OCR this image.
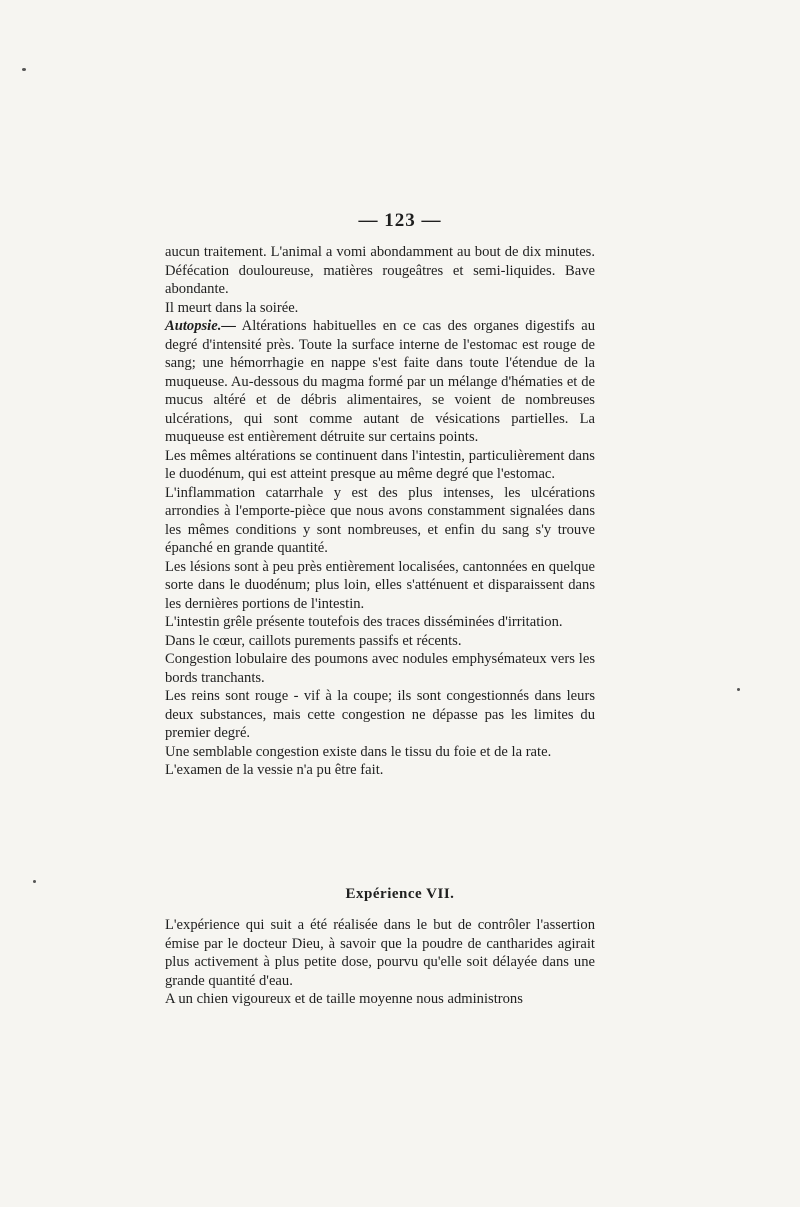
— 123 —

aucun traitement. L'animal a vomi abondamment au bout de dix minutes. Défécation douloureuse, matières rougeâtres et semi-liquides. Bave abondante.

Il meurt dans la soirée.

Autopsie.— Altérations habituelles en ce cas des organes digestifs au degré d'intensité près. Toute la surface interne de l'estomac est rouge de sang; une hémorrhagie en nappe s'est faite dans toute l'étendue de la muqueuse. Au-dessous du magma formé par un mélange d'hématies et de mucus altéré et de débris alimentaires, se voient de nombreuses ulcérations, qui sont comme autant de vésications partielles. La muqueuse est entièrement détruite sur certains points.

Les mêmes altérations se continuent dans l'intestin, particulièrement dans le duodénum, qui est atteint presque au même degré que l'estomac.

L'inflammation catarrhale y est des plus intenses, les ulcérations arrondies à l'emporte-pièce que nous avons constamment signalées dans les mêmes conditions y sont nombreuses, et enfin du sang s'y trouve épanché en grande quantité.

Les lésions sont à peu près entièrement localisées, cantonnées en quelque sorte dans le duodénum; plus loin, elles s'atténuent et disparaissent dans les dernières portions de l'intestin.

L'intestin grêle présente toutefois des traces disséminées d'irritation.

Dans le cœur, caillots purements passifs et récents.

Congestion lobulaire des poumons avec nodules emphysémateux vers les bords tranchants.

Les reins sont rouge - vif à la coupe; ils sont congestionnés dans leurs deux substances, mais cette congestion ne dépasse pas les limites du premier degré.

Une semblable congestion existe dans le tissu du foie et de la rate.

L'examen de la vessie n'a pu être fait.

Expérience VII.

L'expérience qui suit a été réalisée dans le but de contrôler l'assertion émise par le docteur Dieu, à savoir que la poudre de cantharides agirait plus activement à plus petite dose, pourvu qu'elle soit délayée dans une grande quantité d'eau.

A un chien vigoureux et de taille moyenne nous administrons
